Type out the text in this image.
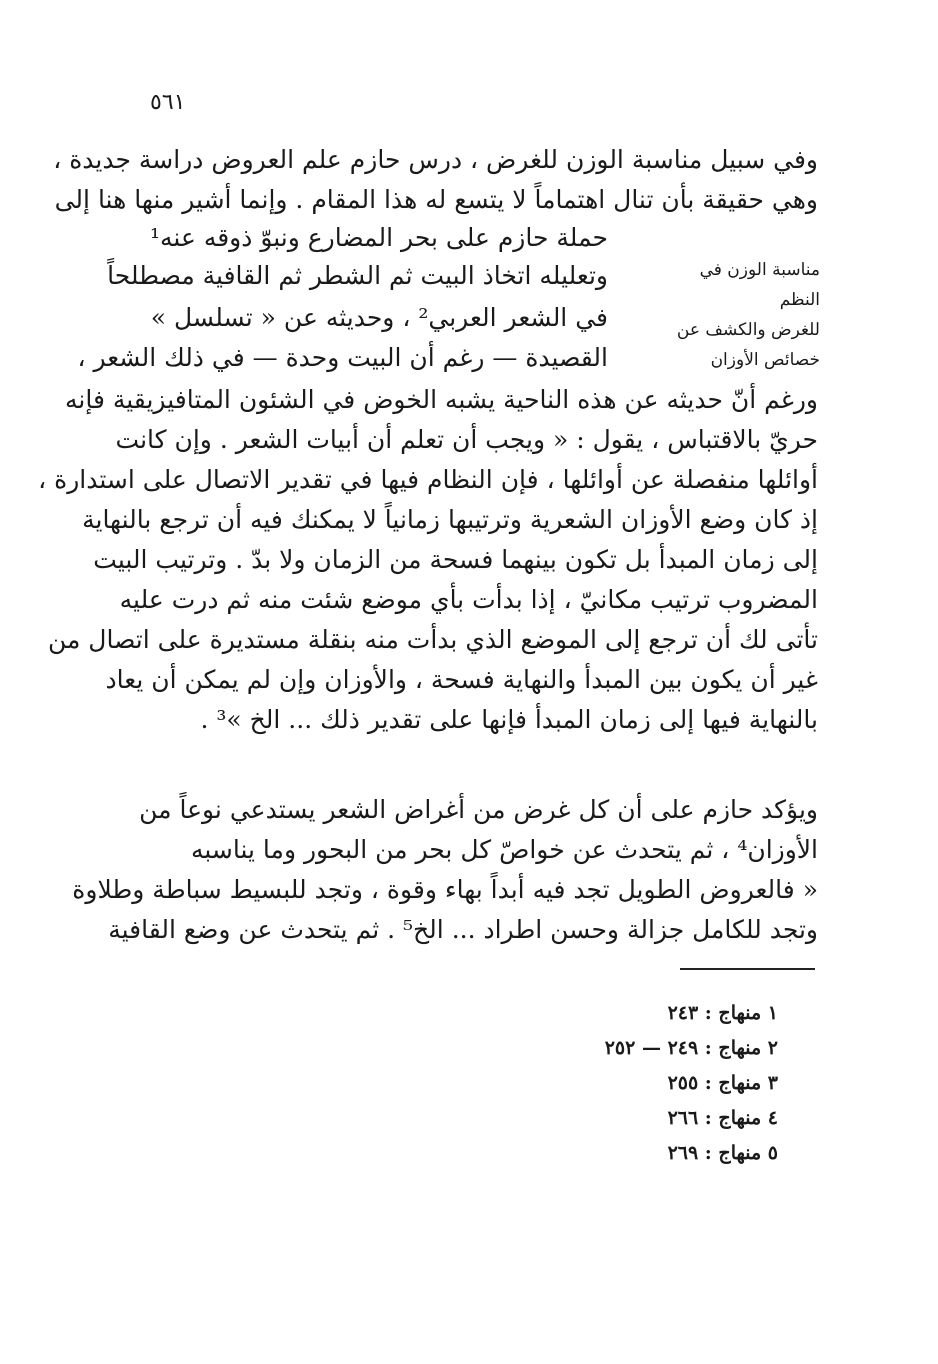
٥٦١
وفي سبيل مناسبة الوزن للغرض ، درس حازم علم العروض دراسة جديدة ،
وهي حقيقة بأن تنال اهتماماً لا يتسع له هذا المقام . وإنما أشير منها هنا إلى
حملة حازم على بحر المضارع ونبوّ ذوقه عنه¹
وتعليله اتخاذ البيت ثم الشطر ثم القافية مصطلحاً
في الشعر العربي² ، وحديثه عن « تسلسل »
القصيدة — رغم أن البيت وحدة — في ذلك الشعر ،
مناسبة الوزن في النظم
للغرض والكشف عن
خصائص الأوزان
ورغم أنّ حديثه عن هذه الناحية يشبه الخوض في الشئون المتافيزيقية فإنه
حريّ بالاقتباس ، يقول : « ويجب أن تعلم أن أبيات الشعر . وإن كانت
أوائلها منفصلة عن أوائلها ، فإن النظام فيها في تقدير الاتصال على استدارة ،
إذ كان وضع الأوزان الشعرية وترتيبها زمانياً لا يمكنك فيه أن ترجع بالنهاية
إلى زمان المبدأ بل تكون بينهما فسحة من الزمان ولا بدّ . وترتيب البيت
المضروب ترتيب مكانيّ ، إذا بدأت بأي موضع شئت منه ثم درت عليه
تأتى لك أن ترجع إلى الموضع الذي بدأت منه بنقلة مستديرة على اتصال من
غير أن يكون بين المبدأ والنهاية فسحة ، والأوزان وإن لم يمكن أن يعاد
بالنهاية فيها إلى زمان المبدأ فإنها على تقدير ذلك ... الخ »³ .
ويؤكد حازم على أن كل غرض من أغراض الشعر يستدعي نوعاً من
الأوزان⁴ ، ثم يتحدث عن خواصّ كل بحر من البحور وما يناسبه
« فالعروض الطويل تجد فيه أبداً بهاء وقوة ، وتجد للبسيط سباطة وطلاوة
وتجد للكامل جزالة وحسن اطراد ... الخ⁵ . ثم يتحدث عن وضع القافية
١ منهاج : ٢٤٣
٢ منهاج : ٢٤٩ — ٢٥٢
٣ منهاج : ٢٥٥
٤ منهاج : ٢٦٦
٥ منهاج : ٢٦٩
